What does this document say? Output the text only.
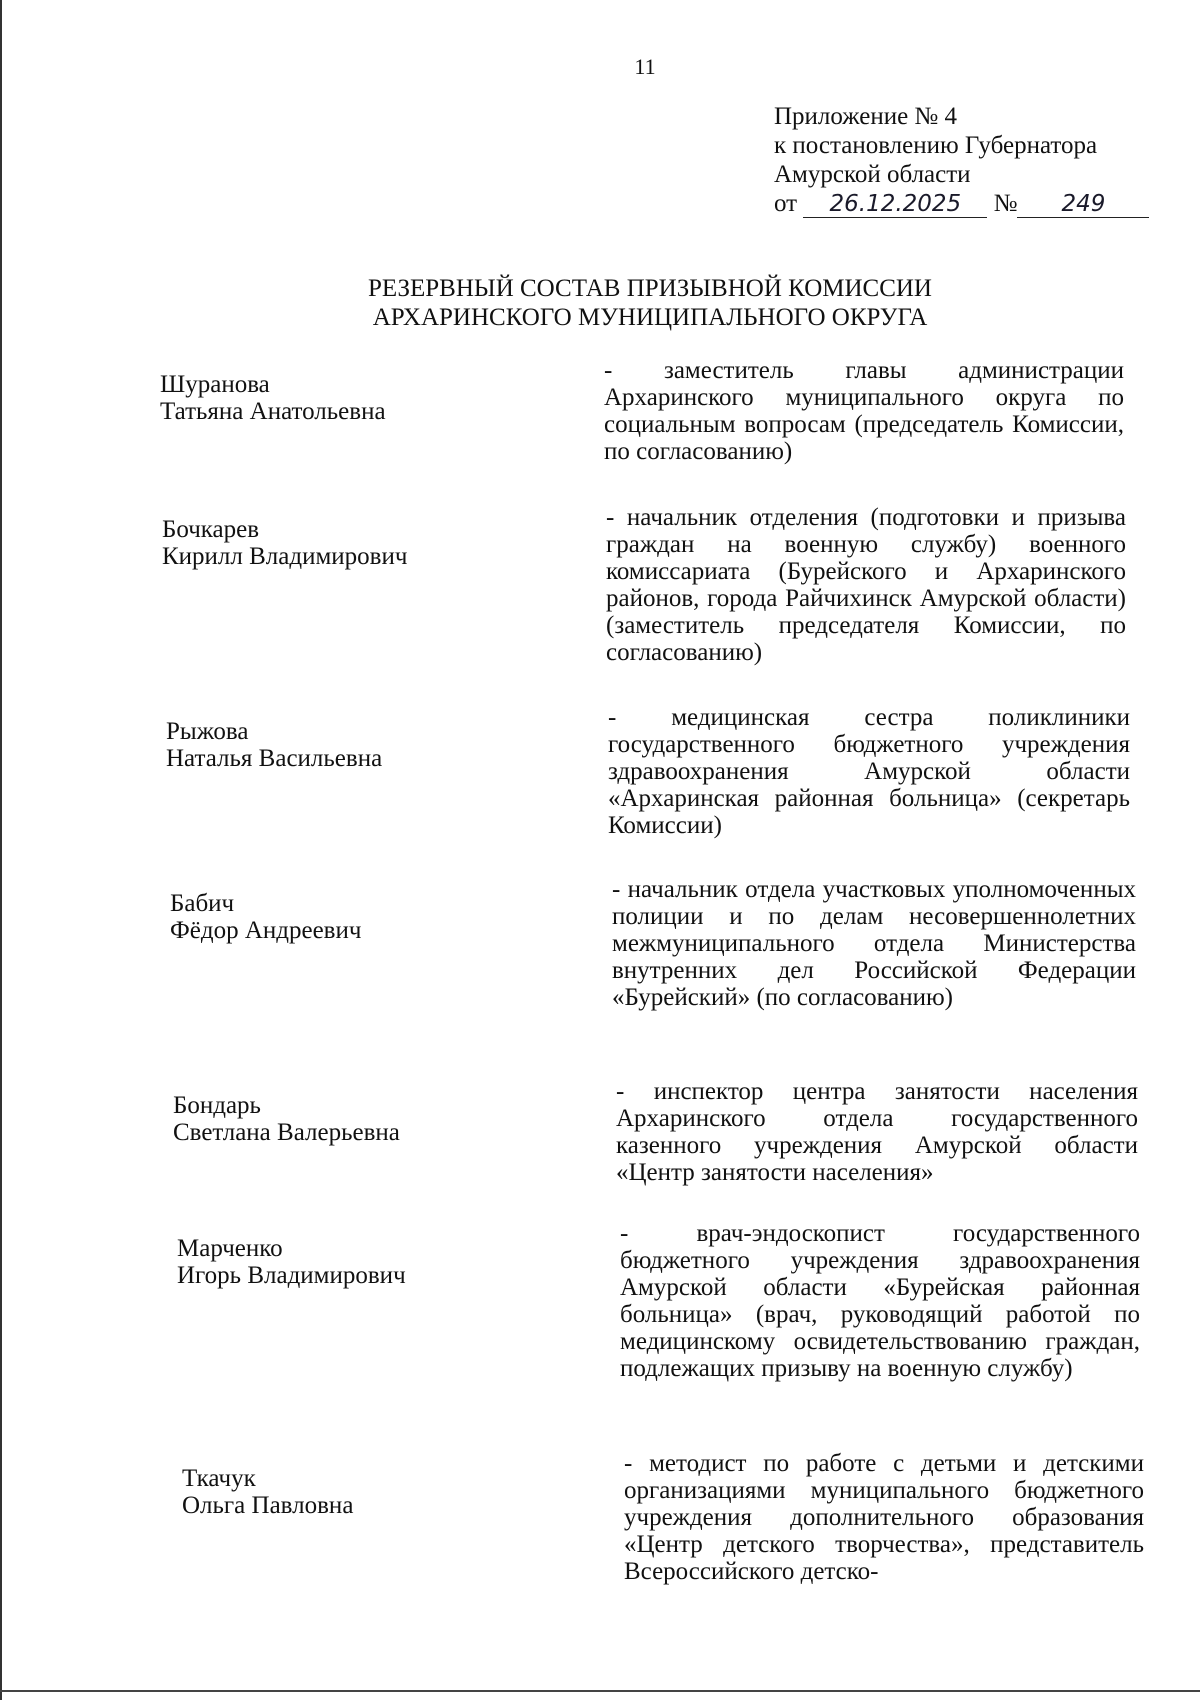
11
Приложение № 4
к постановлению Губернатора
Амурской области
от 26.12.2025 № 249
РЕЗЕРВНЫЙ СОСТАВ ПРИЗЫВНОЙ КОМИССИИ
АРХАРИНСКОГО МУНИЦИПАЛЬНОГО ОКРУГА
Шуранова
Татьяна Анатольевна
- заместитель главы администрации Архаринского муниципального округа по социальным вопросам (председатель Комиссии, по согласованию)
Бочкарев
Кирилл Владимирович
- начальник отделения (подготовки и призыва граждан на военную службу) военного комиссариата (Бурейского и Архаринского районов, города Райчихинск Амурской области) (заместитель председателя Комиссии, по согласованию)
Рыжова
Наталья Васильевна
- медицинская сестра поликлиники государственного бюджетного учреждения здравоохранения Амурской области «Архаринская районная больница» (секретарь Комиссии)
Бабич
Фёдор Андреевич
- начальник отдела участковых уполномоченных полиции и по делам несовершеннолетних межмуниципального отдела Министерства внутренних дел Российской Федерации «Бурейский» (по согласованию)
Бондарь
Светлана Валерьевна
- инспектор центра занятости населения Архаринского отдела государственного казенного учреждения Амурской области «Центр занятости населения»
Марченко
Игорь Владимирович
- врач-эндоскопист государственного бюджетного учреждения здравоохранения Амурской области «Бурейская районная больница» (врач, руководящий работой по медицинскому освидетельствованию граждан, подлежащих призыву на военную службу)
Ткачук
Ольга Павловна
- методист по работе с детьми и детскими организациями муниципального бюджетного учреждения дополнительного образования «Центр детского творчества», представитель Всероссийского детско-
